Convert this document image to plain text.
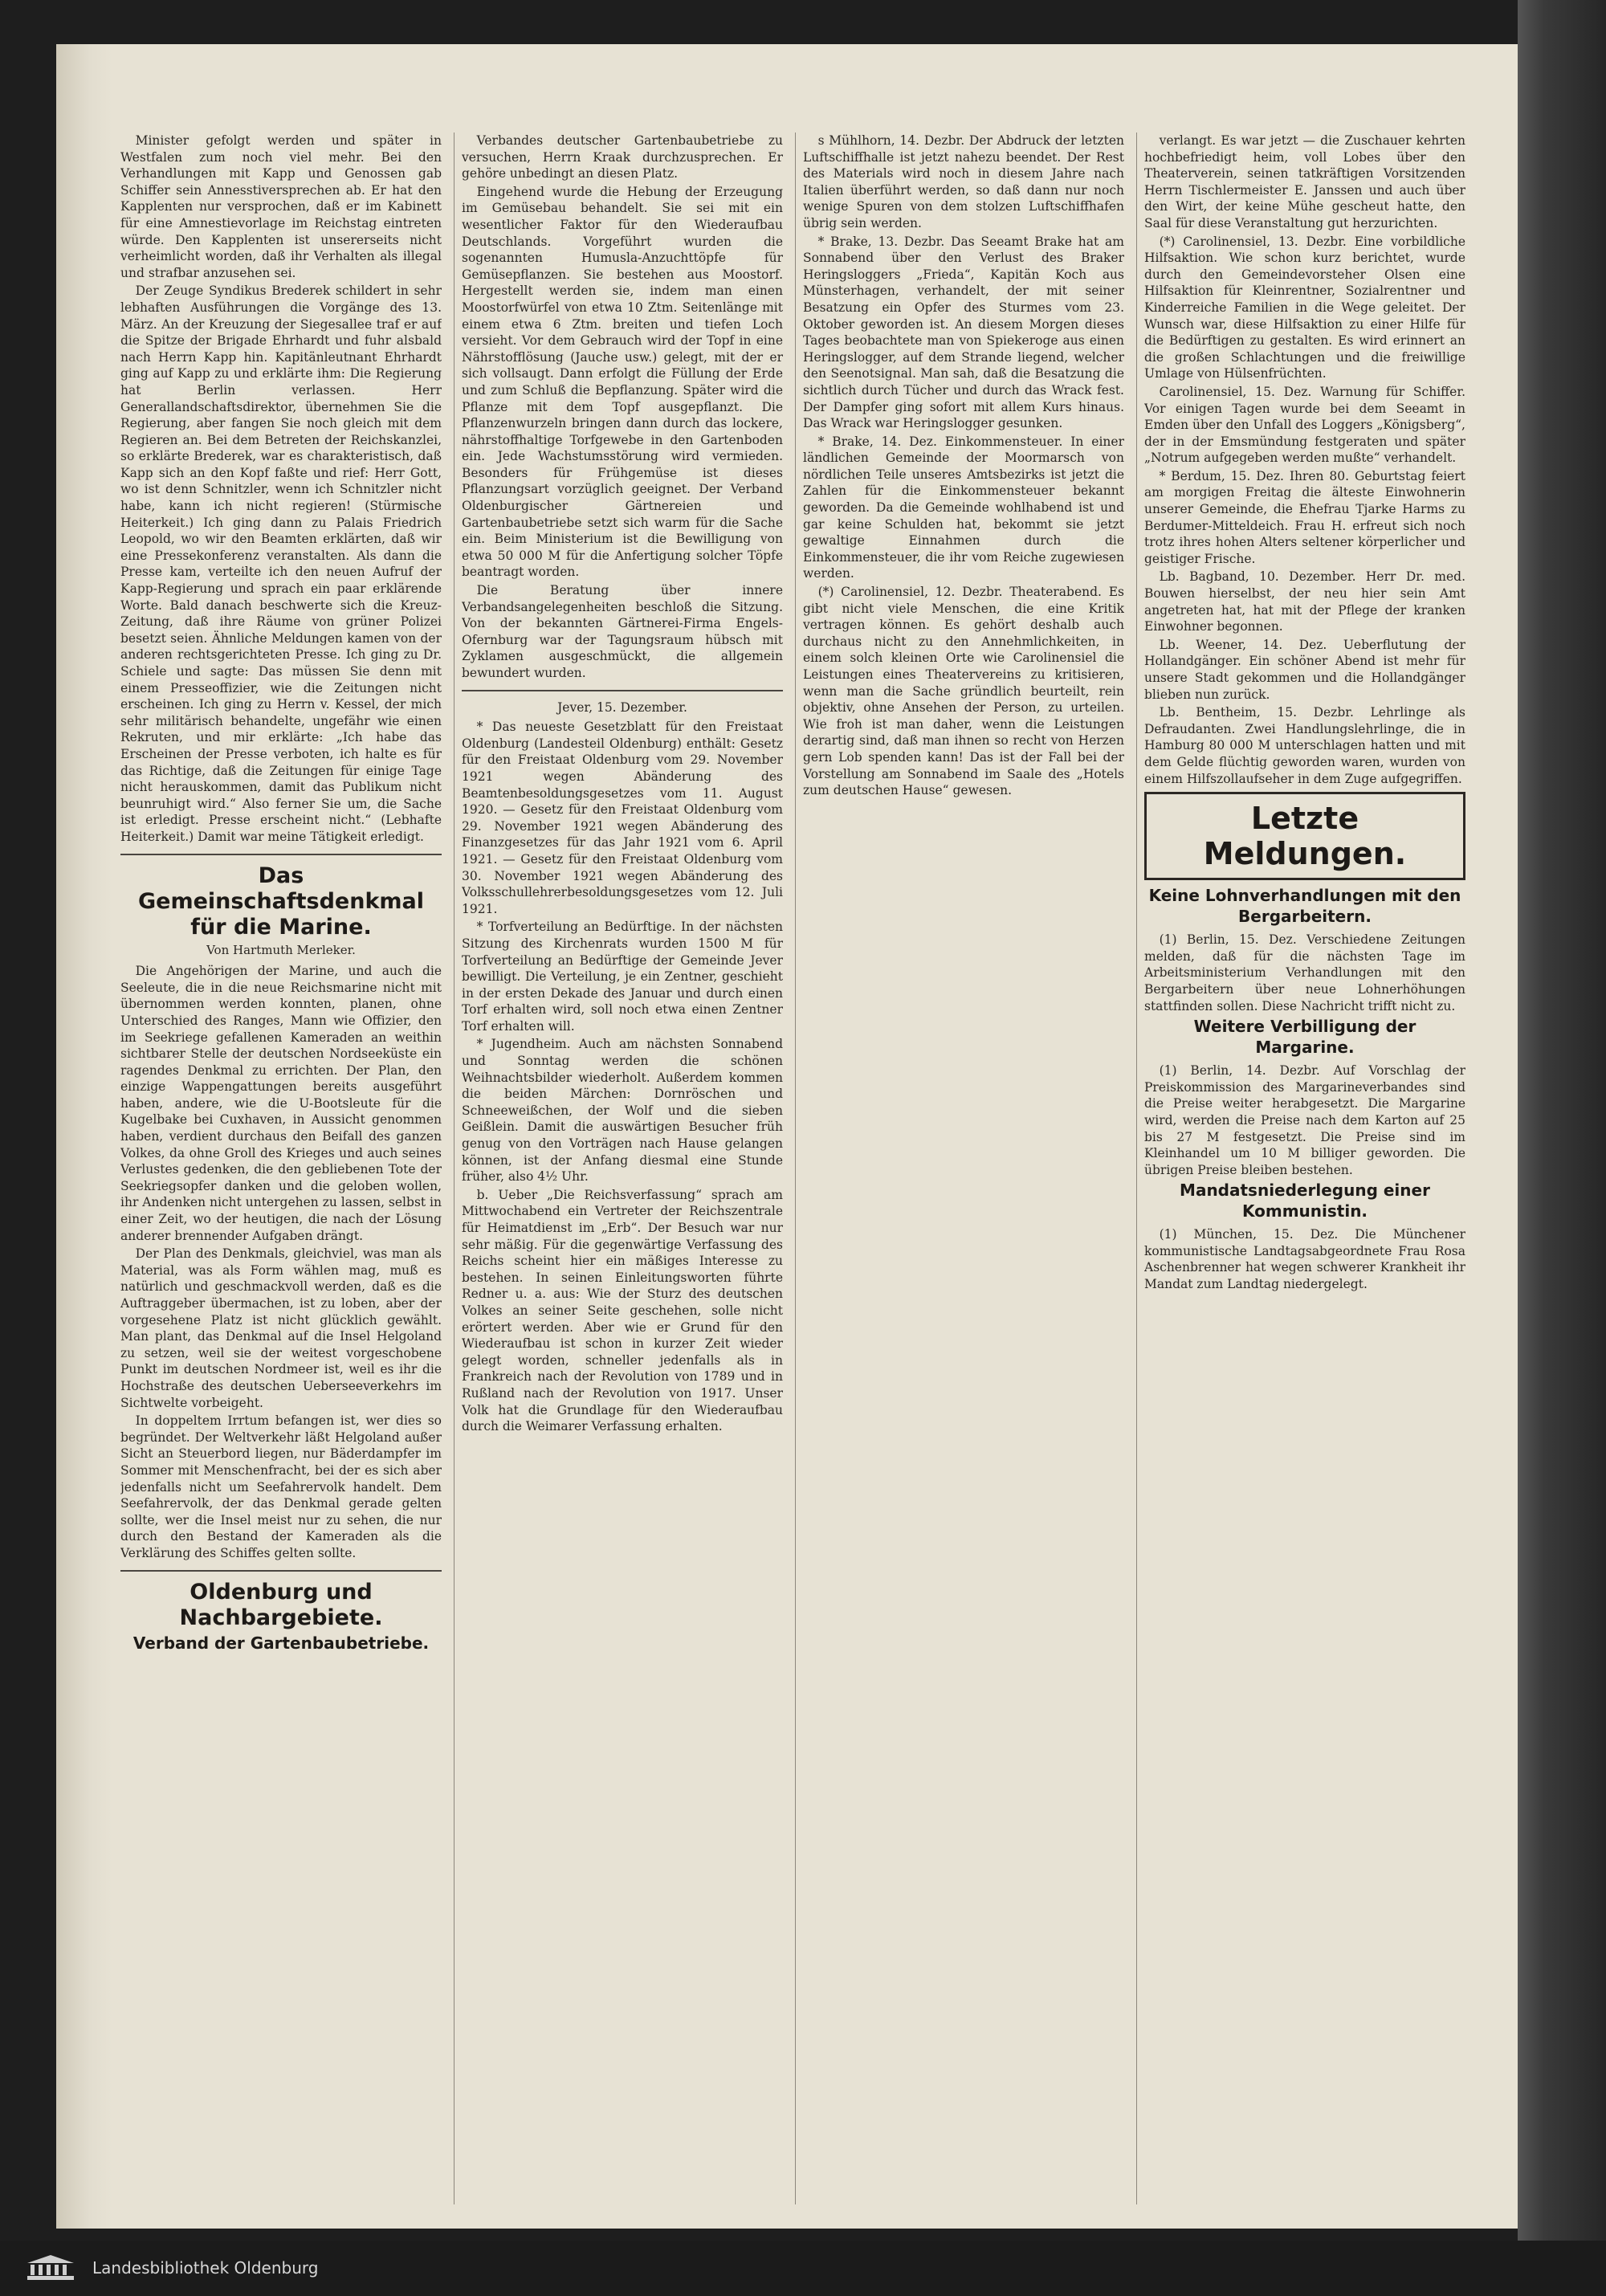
Minister gefolgt werden und später in Westfalen zum noch viel mehr. Bei den Verhandlungen mit Kapp und Genossen gab Schiffer sein Annesstiversprechen ab. Er hat den Kapplenten nur versprochen, daß er im Kabinett für eine Amnestievorlage im Reichstag eintreten würde. Den Kapplenten ist unsererseits nicht verheimlicht worden, daß ihr Verhalten als illegal und strafbar anzusehen sei.

Der Zeuge Syndikus Brederek schildert in sehr lebhaften Ausführungen die Vorgänge des 13. März. An der Kreuzung der Siegesallee traf er auf die Spitze der Brigade Ehrhardt und fuhr alsbald nach Herrn Kapp hin. Kapitänleutnant Ehrhardt ging auf Kapp zu und erklärte ihm: Die Regierung hat Berlin verlassen. Herr Generallandschaftsdirektor, übernehmen Sie die Regierung, aber fangen Sie noch gleich mit dem Regieren an. Bei dem Betreten der Reichskanzlei, so erklärte Brederek, war es charakteristisch, daß Kapp sich an den Kopf faßte und rief: Herr Gott, wo ist denn Schnitzler, wenn ich Schnitzler nicht habe, kann ich nicht regieren! (Stürmische Heiterkeit.) Ich ging dann zu Palais Friedrich Leopold, wo wir den Beamten erklärten, daß wir eine Pressekonferenz veranstalten. Als dann die Presse kam, verteilte ich den neuen Aufruf der Kapp-Regierung und sprach ein paar erklärende Worte. Bald danach beschwerte sich die Kreuz-Zeitung, daß ihre Räume von grüner Polizei besetzt seien. Ähnliche Meldungen kamen von der anderen rechtsgerichteten Presse. Ich ging zu Dr. Schiele und sagte: Das müssen Sie denn mit einem Presseoffizier, wie die Zeitungen nicht erscheinen. Ich ging zu Herrn v. Kessel, der mich sehr militärisch behandelte, ungefähr wie einen Rekruten, und mir erklärte: „Ich habe das Erscheinen der Presse verboten, ich halte es für das Richtige, daß die Zeitungen für einige Tage nicht herauskommen, damit das Publikum nicht beunruhigt wird.“ Also ferner Sie um, die Sache ist erledigt. Presse erscheint nicht.“ (Lebhafte Heiterkeit.) Damit war meine Tätigkeit erledigt.

Das Gemeinschaftsdenkmal für die Marine.
Von Hartmuth Merleker.

Die Angehörigen der Marine, und auch die Seeleute, die in die neue Reichsmarine nicht mit übernommen werden konnten, planen, ohne Unterschied des Ranges, Mann wie Offizier, den im Seekriege gefallenen Kameraden an weithin sichtbarer Stelle der deutschen Nordseeküste ein ragendes Denkmal zu errichten. Der Plan, den einzige Wappengattungen bereits ausgeführt haben, andere, wie die U-Bootsleute für die Kugelbake bei Cuxhaven, in Aussicht genommen haben, verdient durchaus den Beifall des ganzen Volkes, da ohne Groll des Krieges und auch seines Verlustes gedenken, die den gebliebenen Tote der Seekriegsopfer danken und die geloben wollen, ihr Andenken nicht untergehen zu lassen, selbst in einer Zeit, wo der heutigen, die nach der Lösung anderer brennender Aufgaben drängt.

Der Plan des Denkmals, gleichviel, was man als Material, was als Form wählen mag, muß es natürlich und geschmackvoll werden, daß es die Auftraggeber übermachen, ist zu loben, aber der vorgesehene Platz ist nicht glücklich gewählt. Man plant, das Denkmal auf die Insel Helgoland zu setzen, weil sie der weitest vorgeschobene Punkt im deutschen Nordmeer ist, weil es ihr die Hochstraße des deutschen Ueberseeverkehrs im Sichtwelte vorbeigeht.

In doppeltem Irrtum befangen ist, wer dies so begründet. Der Weltverkehr läßt Helgoland außer Sicht an Steuerbord liegen, nur Bäderdampfer im Sommer mit Menschenfracht, bei der es sich aber jedenfalls nicht um Seefahrervolk handelt. Dem Seefahrervolk, der das Denkmal gerade gelten sollte, wer die Insel meist nur zu sehen, die nur durch den Bestand der Kameraden als die Verklärung des Schiffes gelten sollte.

Oldenburg und Nachbargebiete.
Verband der Gartenbaubetriebe.

Verbandes deutscher Gartenbaubetriebe zu versuchen, Herrn Kraak durchzusprechen. Er gehöre unbedingt an diesen Platz.

Eingehend wurde die Hebung der Erzeugung im Gemüsebau behandelt. Sie sei mit ein wesentlicher Faktor für den Wiederaufbau Deutschlands. Vorgeführt wurden die sogenannten Humusla-Anzuchttöpfe für Gemüsepflanzen. Sie bestehen aus Moostorf. Hergestellt werden sie, indem man einen Moostorfwürfel von etwa 10 Ztm. Seitenlänge mit einem etwa 6 Ztm. breiten und tiefen Loch versieht. Vor dem Gebrauch wird der Topf in eine Nährstofflösung (Jauche usw.) gelegt, mit der er sich vollsaugt. Dann erfolgt die Füllung der Erde und zum Schluß die Bepflanzung. Später wird die Pflanze mit dem Topf ausgepflanzt. Die Pflanzenwurzeln bringen dann durch das lockere, nährstoffhaltige Torfgewebe in den Gartenboden ein. Jede Wachstumsstörung wird vermieden. Besonders für Frühgemüse ist dieses Pflanzungsart vorzüglich geeignet. Der Verband Oldenburgischer Gärtnereien und Gartenbaubetriebe setzt sich warm für die Sache ein. Beim Ministerium ist die Bewilligung von etwa 50 000 M für die Anfertigung solcher Töpfe beantragt worden.

Die Beratung über innere Verbandsangelegenheiten beschloß die Sitzung. Von der bekannten Gärtnerei-Firma Engels-Ofernburg war der Tagungsraum hübsch mit Zyklamen ausgeschmückt, die allgemein bewundert wurden.

Jever, 15. Dezember.

* Das neueste Gesetzblatt für den Freistaat Oldenburg (Landesteil Oldenburg) enthält: Gesetz für den Freistaat Oldenburg vom 29. November 1921 wegen Abänderung des Beamtenbesoldungsgesetzes vom 11. August 1920. — Gesetz für den Freistaat Oldenburg vom 29. November 1921 wegen Abänderung des Finanzgesetzes für das Jahr 1921 vom 6. April 1921. — Gesetz für den Freistaat Oldenburg vom 30. November 1921 wegen Abänderung des Volksschullehrerbesoldungsgesetzes vom 12. Juli 1921.

* Torfverteilung an Bedürftige. In der nächsten Sitzung des Kirchenrats wurden 1500 M für Torfverteilung an Bedürftige der Gemeinde Jever bewilligt. Die Verteilung, je ein Zentner, geschieht in der ersten Dekade des Januar und durch einen Torf erhalten wird, soll noch etwa einen Zentner Torf erhalten will.

* Jugendheim. Auch am nächsten Sonnabend und Sonntag werden die schönen Weihnachtsbilder wiederholt. Außerdem kommen die beiden Märchen: Dornröschen und Schneeweißchen, der Wolf und die sieben Geißlein. Damit die auswärtigen Besucher früh genug von den Vorträgen nach Hause gelangen können, ist der Anfang diesmal eine Stunde früher, also 4½ Uhr.

b. Ueber „Die Reichsverfassung“ sprach am Mittwochabend ein Vertreter der Reichszentrale für Heimatdienst im „Erb“. Der Besuch war nur sehr mäßig. Für die gegenwärtige Verfassung des Reichs scheint hier ein mäßiges Interesse zu bestehen. In seinen Einleitungsworten führte Redner u. a. aus: Wie der Sturz des deutschen Volkes an seiner Seite geschehen, solle nicht erörtert werden. Aber wie er Grund für den Wiederaufbau ist schon in kurzer Zeit wieder gelegt worden, schneller jedenfalls als in Frankreich nach der Revolution von 1789 und in Rußland nach der Revolution von 1917. Unser Volk hat die Grundlage für den Wiederaufbau durch die Weimarer Verfassung erhalten.

s Mühlhorn, 14. Dezbr. Der Abdruck der letzten Luftschiffhalle ist jetzt nahezu beendet. Der Rest des Materials wird noch in diesem Jahre nach Italien überführt werden, so daß dann nur noch wenige Spuren von dem stolzen Luftschiffhafen übrig sein werden.

* Brake, 13. Dezbr. Das Seeamt Brake hat am Sonnabend über den Verlust des Braker Heringsloggers „Frieda“, Kapitän Koch aus Münsterhagen, verhandelt, der mit seiner Besatzung ein Opfer des Sturmes vom 23. Oktober geworden ist. An diesem Morgen dieses Tages beobachtete man von Spiekeroge aus einen Heringslogger, auf dem Strande liegend, welcher den Seenotsignal. Man sah, daß die Besatzung die sichtlich durch Tücher und durch das Wrack fest. Der Dampfer ging sofort mit allem Kurs hinaus. Das Wrack war Heringslogger gesunken.

* Brake, 14. Dez. Einkommensteuer. In einer ländlichen Gemeinde der Moormarsch von nördlichen Teile unseres Amtsbezirks ist jetzt die Zahlen für die Einkommensteuer bekannt geworden. Da die Gemeinde wohlhabend ist und gar keine Schulden hat, bekommt sie jetzt gewaltige Einnahmen durch die Einkommensteuer, die ihr vom Reiche zugewiesen werden.

(*) Carolinensiel, 12. Dezbr. Theaterabend. Es gibt nicht viele Menschen, die eine Kritik vertragen können. Es gehört deshalb auch durchaus nicht zu den Annehmlichkeiten, in einem solch kleinen Orte wie Carolinensiel die Leistungen eines Theatervereins zu kritisieren, wenn man die Sache gründlich beurteilt, rein objektiv, ohne Ansehen der Person, zu urteilen. Wie froh ist man daher, wenn die Leistungen derartig sind, daß man ihnen so recht von Herzen gern Lob spenden kann! Das ist der Fall bei der Vorstellung am Sonnabend im Saale des „Hotels zum deutschen Hause“ gewesen.

verlangt. Es war jetzt — die Zuschauer kehrten hochbefriedigt heim, voll Lobes über den Theaterverein, seinen tatkräftigen Vorsitzenden Herrn Tischlermeister E. Janssen und auch über den Wirt, der keine Mühe gescheut hatte, den Saal für diese Veranstaltung gut herzurichten.

(*) Carolinensiel, 13. Dezbr. Eine vorbildliche Hilfsaktion. Wie schon kurz berichtet, wurde durch den Gemeindevorsteher Olsen eine Hilfsaktion für Kleinrentner, Sozialrentner und Kinderreiche Familien in die Wege geleitet. Der Wunsch war, diese Hilfsaktion zu einer Hilfe für die Bedürftigen zu gestalten. Es wird erinnert an die großen Schlachtungen und die freiwillige Umlage von Hülsenfrüchten.

Carolinensiel, 15. Dez. Warnung für Schiffer. Vor einigen Tagen wurde bei dem Seeamt in Emden über den Unfall des Loggers „Königsberg“, der in der Emsmündung festgeraten und später „Notrum aufgegeben werden mußte“ verhandelt.

* Berdum, 15. Dez. Ihren 80. Geburtstag feiert am morgigen Freitag die älteste Einwohnerin unserer Gemeinde, die Ehefrau Tjarke Harms zu Berdumer-Mitteldeich. Frau H. erfreut sich noch trotz ihres hohen Alters seltener körperlicher und geistiger Frische.

Lb. Bagband, 10. Dezember. Herr Dr. med. Bouwen hierselbst, der neu hier sein Amt angetreten hat, hat mit der Pflege der kranken Einwohner begonnen.

Lb. Weener, 14. Dez. Ueberflutung der Hollandgänger. Ein schöner Abend ist mehr für unsere Stadt gekommen und die Hollandgänger blieben nun zurück.

Lb. Bentheim, 15. Dezbr. Lehrlinge als Defraudanten. Zwei Handlungslehrlinge, die in Hamburg 80 000 M unterschlagen hatten und mit dem Gelde flüchtig geworden waren, wurden von einem Hilfszollaufseher in dem Zuge aufgegriffen.

Letzte Meldungen.
Keine Lohnverhandlungen mit den Bergarbeitern.

(1) Berlin, 15. Dez. Verschiedene Zeitungen melden, daß für die nächsten Tage im Arbeitsministerium Verhandlungen mit den Bergarbeitern über neue Lohnerhöhungen stattfinden sollen. Diese Nachricht trifft nicht zu.

Weitere Verbilligung der Margarine.

(1) Berlin, 14. Dezbr. Auf Vorschlag der Preiskommission des Margarineverbandes sind die Preise weiter herabgesetzt. Die Margarine wird, werden die Preise nach dem Karton auf 25 bis 27 M festgesetzt. Die Preise sind im Kleinhandel um 10 M billiger geworden. Die übrigen Preise bleiben bestehen.

Mandatsniederlegung einer Kommunistin.

(1) München, 15. Dez. Die Münchener kommunistische Landtagsabgeordnete Frau Rosa Aschenbrenner hat wegen schwerer Krankheit ihr Mandat zum Landtag niedergelegt.

Landesbibliothek Oldenburg
